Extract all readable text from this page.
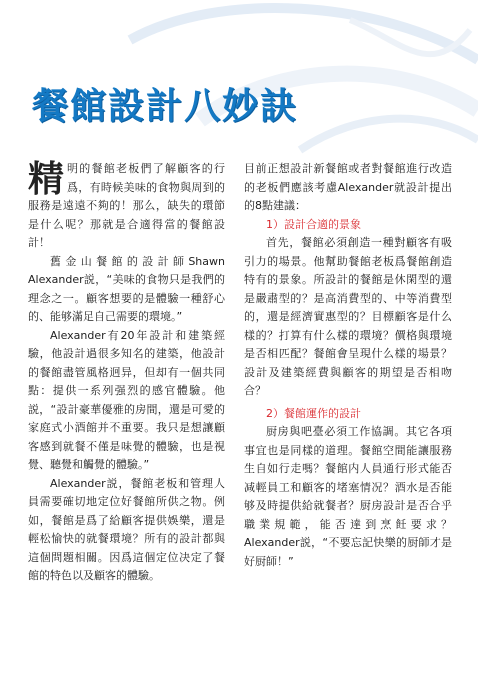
餐館設計八妙訣

精明的餐館老板們了解顧客的行爲，有時候美味的食物與周到的服務是遠遠不夠的！那么，缺失的環節是什么呢？那就是合適得當的餐館設計！

舊金山餐館的設計師Shawn Alexander説，“美味的食物只是我們的理念之一。顧客想要的是體驗一種舒心的、能够滿足自己需要的環境。”

Alexander有20年設計和建築經驗，他設計過很多知名的建築，他設計的餐館盡管風格迥异，但却有一個共同點：提供一系列强烈的感官體驗。他説，“設計豪華優雅的房間，還是可愛的家庭式小酒館并不重要。我只是想讓顧客感到就餐不僅是味覺的體驗，也是視覺、聽覺和觸覺的體驗。”

Alexander説，餐館老板和管理人員需要確切地定位好餐館所供之物。例如，餐館是爲了給顧客提供娛樂，還是輕松愉快的就餐環境？所有的設計都與這個問題相關。因爲這個定位决定了餐館的特色以及顧客的體驗。

目前正想設計新餐館或者對餐館進行改造的老板們應該考慮Alexander就設計提出的8點建議：

1）設計合適的景象

首先，餐館必須創造一種對顧客有吸引力的場景。他幫助餐館老板爲餐館創造特有的景象。所設計的餐館是休閑型的還是嚴肅型的？是高消費型的、中等消費型的，還是經濟實惠型的？目標顧客是什么樣的？打算有什么樣的環境？價格與環境是否相匹配？餐館會呈現什么樣的場景？設計及建築經費與顧客的期望是否相吻合？

2）餐館運作的設計

厨房與吧臺必須工作協調。其它各項事宜也是同樣的道理。餐館空間能讓服務生自如行走嗎？餐館内人員通行形式能否减輕員工和顧客的堵塞情况？酒水是否能够及時提供給就餐者？厨房設計是否合乎職業規範，能否達到烹飪要求？Alexander説，“不要忘記快樂的厨師才是好厨師！”
